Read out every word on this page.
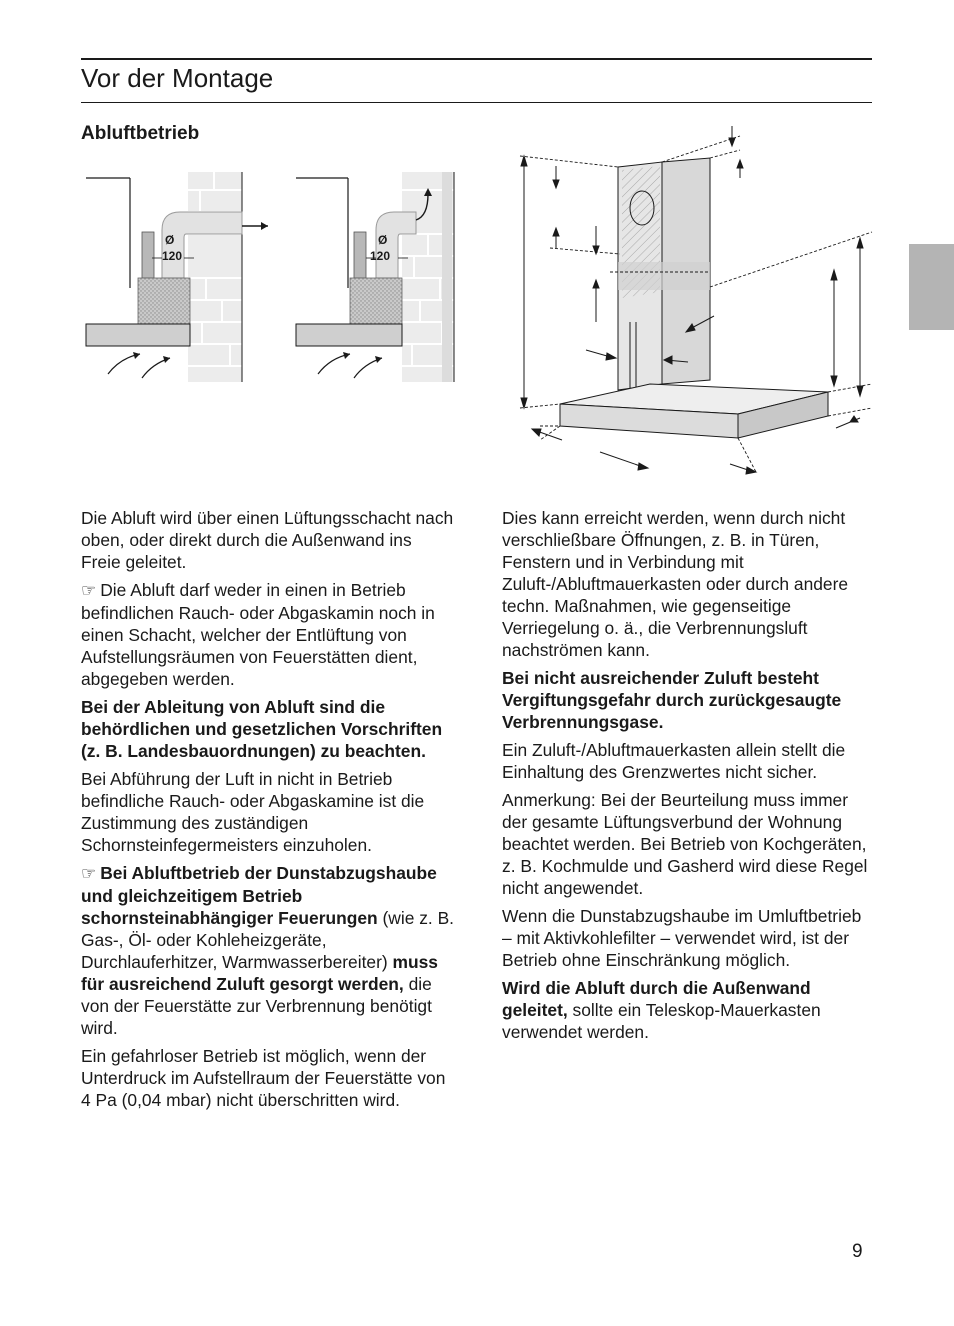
Vor der Montage
Abluftbetrieb
Ø
120
Ø
120

Die Abluft wird über einen Lüftungsschacht nach oben, oder direkt durch die Außenwand ins Freie geleitet.

☞ Die Abluft darf weder in einen in Betrieb befindlichen Rauch- oder Abgaskamin noch in einen Schacht, welcher der Entlüftung von Aufstellungsräumen von Feuerstätten dient, abgegeben werden.

Bei der Ableitung von Abluft sind die behördlichen und gesetzlichen Vorschriften (z. B. Landesbauordnungen) zu beachten.

Bei Abführung der Luft in nicht in Betrieb befindliche Rauch- oder Abgaskamine ist die Zustimmung des zuständigen Schornsteinfegermeisters einzuholen.

☞ Bei Abluftbetrieb der Dunstabzugshaube und gleichzeitigem Betrieb schornsteinabhängiger Feuerungen (wie z. B. Gas-, Öl- oder Kohleheizgeräte, Durchlauferhitzer, Warmwasserbereiter) muss für ausreichend Zuluft gesorgt werden, die von der Feuerstätte zur Verbrennung benötigt wird.

Ein gefahrloser Betrieb ist möglich, wenn der Unterdruck im Aufstellraum der Feuerstätte von 4 Pa (0,04 mbar) nicht überschritten wird.

Dies kann erreicht werden, wenn durch nicht verschließbare Öffnungen, z. B. in Türen, Fenstern und in Verbindung mit Zuluft-/Abluftmauerkasten oder durch andere techn. Maßnahmen, wie gegenseitige Verriegelung o. ä., die Verbrennungsluft nachströmen kann.

Bei nicht ausreichender Zuluft besteht Vergiftungsgefahr durch zurückgesaugte Verbrennungsgase.

Ein Zuluft-/Abluftmauerkasten allein stellt die Einhaltung des Grenzwertes nicht sicher.

Anmerkung: Bei der Beurteilung muss immer der gesamte Lüftungsverbund der Wohnung beachtet werden. Bei Betrieb von Kochgeräten, z. B. Kochmulde und Gasherd wird diese Regel nicht angewendet.

Wenn die Dunstabzugshaube im Umluftbetrieb – mit Aktivkohlefilter – verwendet wird, ist der Betrieb ohne Einschränkung möglich.

Wird die Abluft durch die Außenwand geleitet, sollte ein Teleskop-Mauerkasten verwendet werden.

9
